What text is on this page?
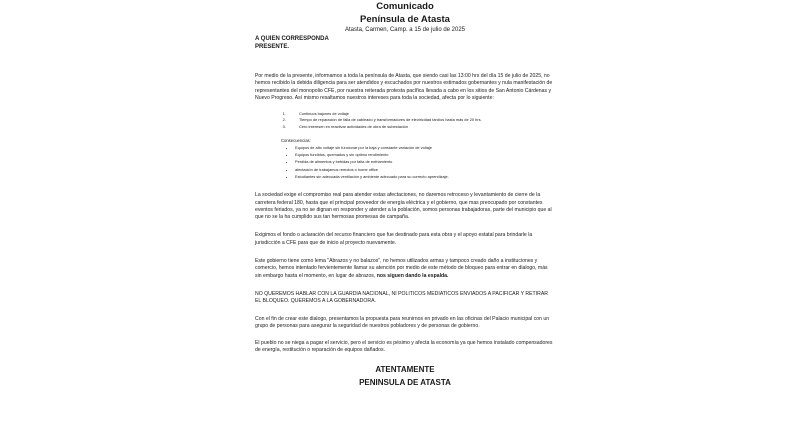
Comunicado
Península de Atasta
Atasta, Carmen, Camp. a 15 de julio de 2025
A QUIEN CORRESPONDA
PRESENTE.

Por medio de la presente, informamos a toda la península de Atasta, que siendo casi las 13:00 hrs del día 15 de julio de 2025, no hemos recibido la debida diligencia para ser atendidos y escuchados por nuestros estimados gobernantes y nula manifestación de representantes del monopolio CFE, por nuestra reiterada protesta pacífica llevada a cabo en los sitios de San Antonio Cárdenas y Nuevo Progreso. Así mismo resaltamos nuestros intereses para toda la sociedad, afecta por lo siguiente:

1. Continuos bajones de voltaje
2. Tiempo de reparación de falla de cableado y transformadores de electricidad tardíos hasta más de 20 hrs.
3. Cero interesen en reactivar actividades de obra de subestación
Consecuencias:
• Equipos de alto voltaje sin funcionar por la baja y constante variación de voltaje
• Equipos fundidos, quemados y sin optimo rendimiento
• Perdida de alimentos y bebidas por falta de enfriamiento
• afectación de trabajamos remotos o home office
• Estudiantes sin adecuada ventilación y ambiente adecuado para su correcto aprendizaje.

La sociedad exige el compromiso real para atender estas afectaciones, no daremos retroceso y levantamiento de cierre de la carretera federal 180, hasta que el principal proveedor de energía eléctrica y el gobierno, que mas preocupado por constantes eventos feriados, ya no se dignan en responder y atender a la población, somos personas trabajadoras, parte del municipio que al que no se la ha cumplido sus tan hermosas promesas de campaña.

Exigimos el fondo o aclaración del recurso financiero que fue destinado para esta obra y el apoyo estatal para brindarle la jurisdicción a CFE para que de inicio al proyecto nuevamente.

Este gobierno tiene como lema "Abrazos y no balazos", no hemos utilizados armas y tampoco creado daño a instituciones y comercio, hemos intentado fervientemente llamar su atención por medio de este método de bloqueo para entrar en dialogo, más sin embargo hasta el momento, en lugar de abrazos, nos siguen dando la espalda.

NO QUEREMOS HABLAR CON LA GUARDIA NACIONAL, NI POLITICOS MEDIATICOS ENVIADOS A PACIFICAR Y RETIRAR EL BLOQUEO. QUEREMOS A LA GOBERNADORA.

Con el fin de crear este dialogo, presentamos la propuesta para reunirnos en privado en las oficinas del Palacio municipal con un grupo de personas para asegurar la seguridad de nuestros pobladores y de personas de gobierno.

El pueblo no se niega a pagar el servicio, pero el servicio es pésimo y afecta la economía ya que hemos instalado compensadores de energía, restitución o reparación de equipos dañados.

ATENTAMENTE
PENINSULA DE ATASTA
